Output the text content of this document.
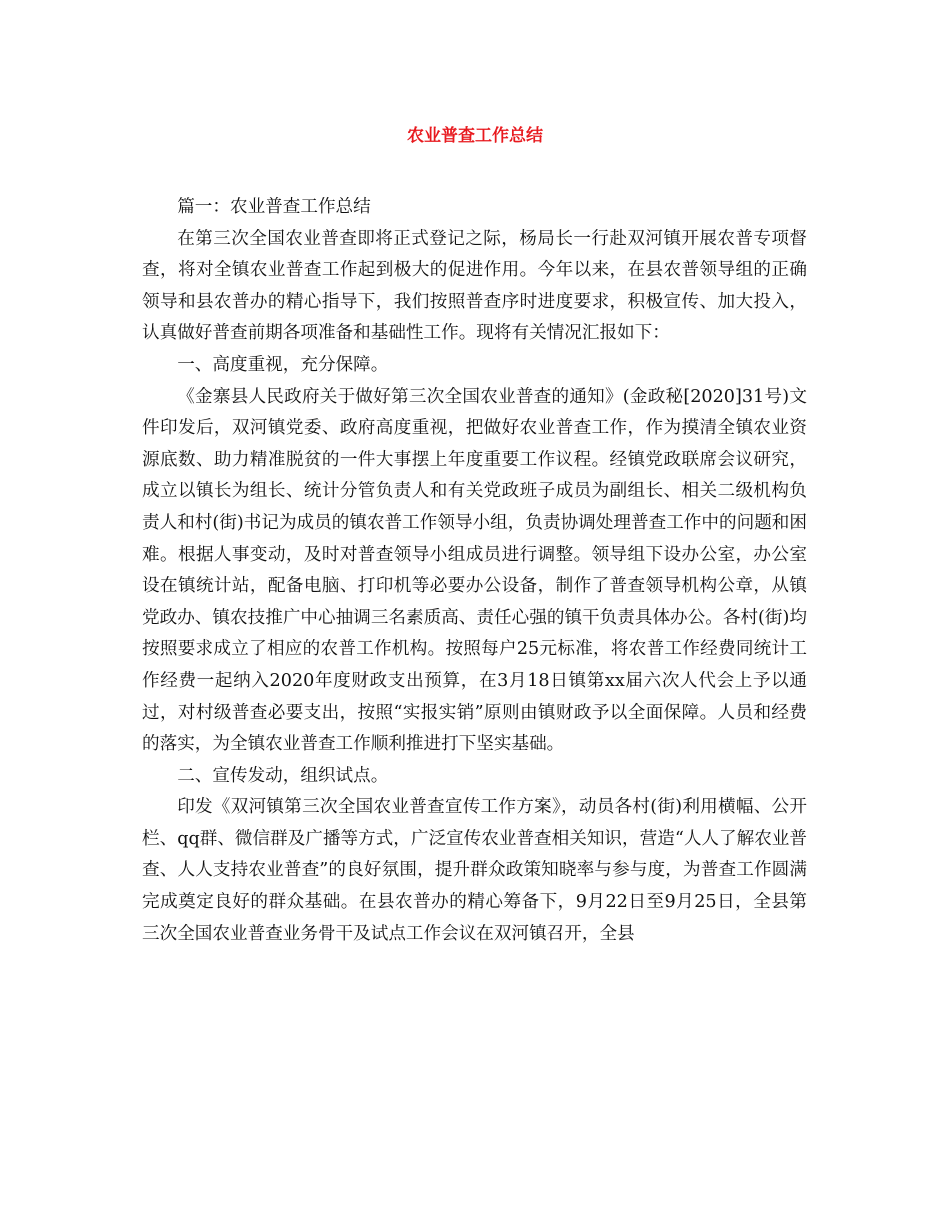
农业普查工作总结

篇一：农业普查工作总结

在第三次全国农业普查即将正式登记之际，杨局长一行赴双河镇开展农普专项督查，将对全镇农业普查工作起到极大的促进作用。今年以来，在县农普领导组的正确领导和县农普办的精心指导下，我们按照普查序时进度要求，积极宣传、加大投入，认真做好普查前期各项准备和基础性工作。现将有关情况汇报如下：

一、高度重视，充分保障。

《金寨县人民政府关于做好第三次全国农业普查的通知》(金政秘[2020]31号)文件印发后，双河镇党委、政府高度重视，把做好农业普查工作，作为摸清全镇农业资源底数、助力精准脱贫的一件大事摆上年度重要工作议程。经镇党政联席会议研究，成立以镇长为组长、统计分管负责人和有关党政班子成员为副组长、相关二级机构负责人和村(街)书记为成员的镇农普工作领导小组，负责协调处理普查工作中的问题和困难。根据人事变动，及时对普查领导小组成员进行调整。领导组下设办公室，办公室设在镇统计站，配备电脑、打印机等必要办公设备，制作了普查领导机构公章，从镇党政办、镇农技推广中心抽调三名素质高、责任心强的镇干负责具体办公。各村(街)均按照要求成立了相应的农普工作机构。按照每户25元标准，将农普工作经费同统计工作经费一起纳入2020年度财政支出预算，在3月18日镇第xx届六次人代会上予以通过，对村级普查必要支出，按照“实报实销”原则由镇财政予以全面保障。人员和经费的落实，为全镇农业普查工作顺利推进打下坚实基础。

二、宣传发动，组织试点。

印发《双河镇第三次全国农业普查宣传工作方案》，动员各村(街)利用横幅、公开栏、qq群、微信群及广播等方式，广泛宣传农业普查相关知识，营造“人人了解农业普查、人人支持农业普查”的良好氛围，提升群众政策知晓率与参与度，为普查工作圆满完成奠定良好的群众基础。在县农普办的精心筹备下，9月22日至9月25日，全县第三次全国农业普查业务骨干及试点工作会议在双河镇召开，全县
